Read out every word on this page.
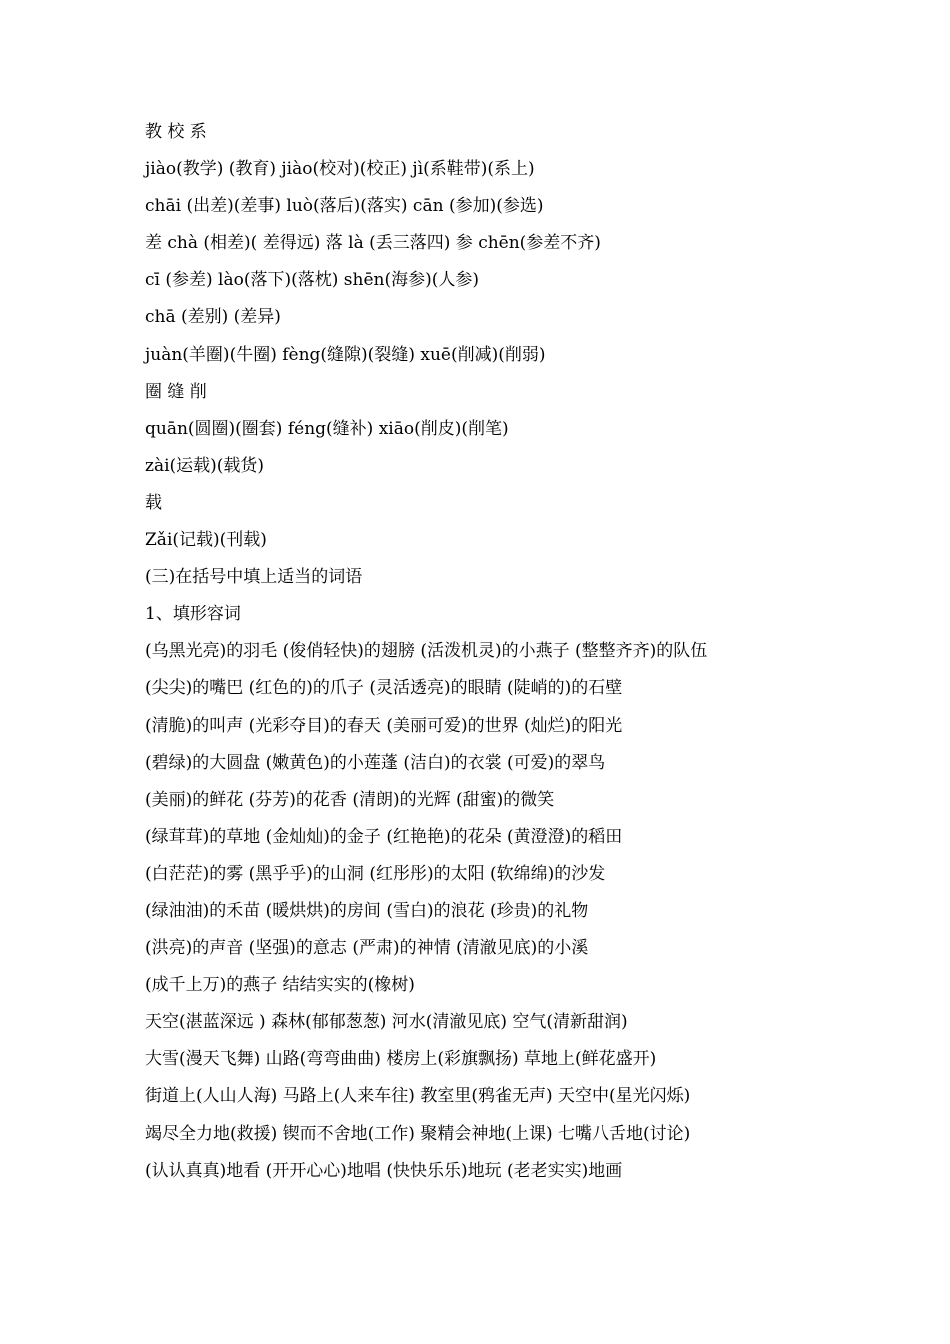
教 校 系
jiào(教学) (教育) jiào(校对)(校正) jì(系鞋带)(系上)
chāi (出差)(差事) luò(落后)(落实) cān (参加)(参选)
差 chà (相差)( 差得远) 落 là (丢三落四) 参 chēn(参差不齐)
cī (参差) lào(落下)(落枕) shēn(海参)(人参)
chā (差别) (差异)
juàn(羊圈)(牛圈) fèng(缝隙)(裂缝) xuē(削减)(削弱)
圈 缝 削
quān(圆圈)(圈套) féng(缝补) xiāo(削皮)(削笔)
zài(运载)(载货)
载
Zǎi(记载)(刊载)
(三)在括号中填上适当的词语
1、填形容词
(乌黑光亮)的羽毛 (俊俏轻快)的翅膀 (活泼机灵)的小燕子 (整整齐齐)的队伍
(尖尖)的嘴巴 (红色的)的爪子 (灵活透亮)的眼睛 (陡峭的)的石壁
(清脆)的叫声 (光彩夺目)的春天 (美丽可爱)的世界 (灿烂)的阳光
(碧绿)的大圆盘 (嫩黄色)的小莲蓬 (洁白)的衣裳 (可爱)的翠鸟
(美丽)的鲜花 (芬芳)的花香 (清朗)的光辉 (甜蜜)的微笑
(绿茸茸)的草地 (金灿灿)的金子 (红艳艳)的花朵 (黄澄澄)的稻田
(白茫茫)的雾 (黑乎乎)的山洞 (红彤彤)的太阳 (软绵绵)的沙发
(绿油油)的禾苗 (暖烘烘)的房间 (雪白)的浪花 (珍贵)的礼物
(洪亮)的声音 (坚强)的意志 (严肃)的神情 (清澈见底)的小溪
(成千上万)的燕子 结结实实的(橡树)
天空(湛蓝深远 ) 森林(郁郁葱葱) 河水(清澈见底) 空气(清新甜润)
大雪(漫天飞舞) 山路(弯弯曲曲) 楼房上(彩旗飘扬) 草地上(鲜花盛开)
街道上(人山人海) 马路上(人来车往) 教室里(鸦雀无声) 天空中(星光闪烁)
竭尽全力地(救援) 锲而不舍地(工作) 聚精会神地(上课) 七嘴八舌地(讨论)
(认认真真)地看 (开开心心)地唱 (快快乐乐)地玩 (老老实实)地画
